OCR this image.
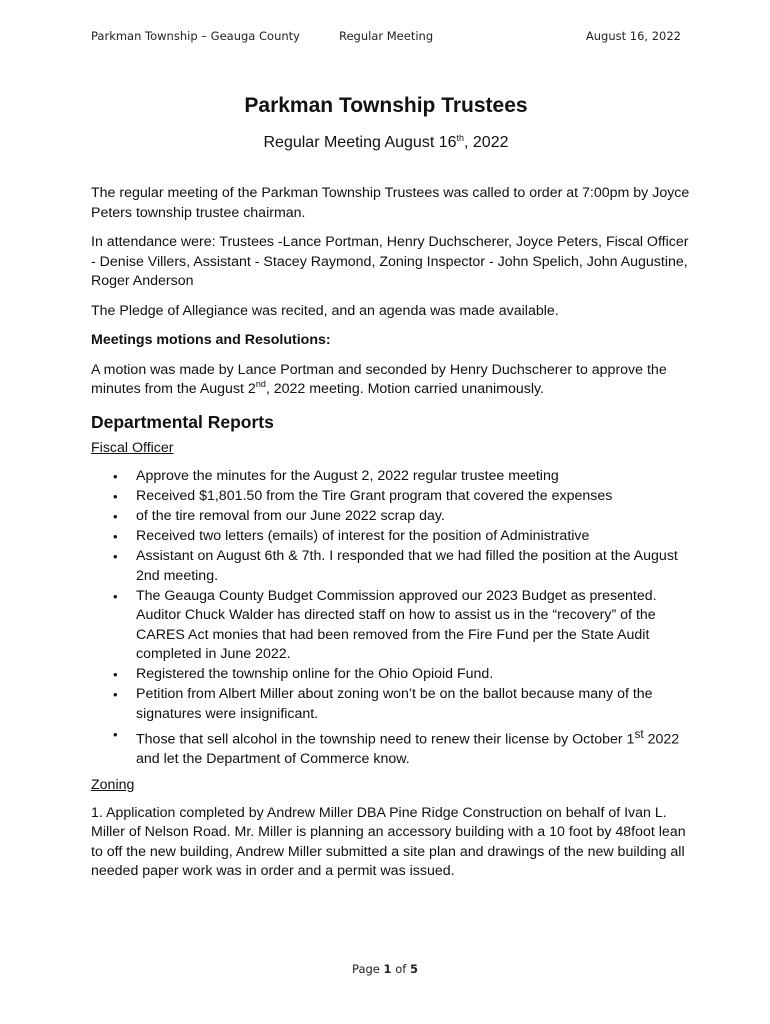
Parkman Township – Geauga County	Regular Meeting	August 16, 2022
Parkman Township Trustees
Regular Meeting August 16th, 2022

The regular meeting of the Parkman Township Trustees was called to order at 7:00pm by Joyce Peters township trustee chairman.

In attendance were: Trustees -Lance Portman, Henry Duchscherer, Joyce Peters, Fiscal Officer - Denise Villers, Assistant - Stacey Raymond, Zoning Inspector - John Spelich, John Augustine, Roger Anderson

The Pledge of Allegiance was recited, and an agenda was made available.

Meetings motions and Resolutions:

A motion was made by Lance Portman and seconded by Henry Duchscherer to approve the minutes from the August 2nd, 2022 meeting. Motion carried unanimously.

Departmental Reports

Fiscal Officer

• Approve the minutes for the August 2, 2022 regular trustee meeting
• Received $1,801.50 from the Tire Grant program that covered the expenses
• of the tire removal from our June 2022 scrap day.
• Received two letters (emails) of interest for the position of Administrative
• Assistant on August 6th & 7th. I responded that we had filled the position at the August 2nd meeting.
• The Geauga County Budget Commission approved our 2023 Budget as presented. Auditor Chuck Walder has directed staff on how to assist us in the “recovery” of the CARES Act monies that had been removed from the Fire Fund per the State Audit completed in June 2022.
• Registered the township online for the Ohio Opioid Fund.
• Petition from Albert Miller about zoning won’t be on the ballot because many of the signatures were insignificant.
• Those that sell alcohol in the township need to renew their license by October 1st 2022 and let the Department of Commerce know.

Zoning

1. Application completed by Andrew Miller DBA Pine Ridge Construction on behalf of Ivan L. Miller of Nelson Road. Mr. Miller is planning an accessory building with a 10 foot by 48foot lean to off the new building, Andrew Miller submitted a site plan and drawings of the new building all needed paper work was in order and a permit was issued.

Page 1 of 5
